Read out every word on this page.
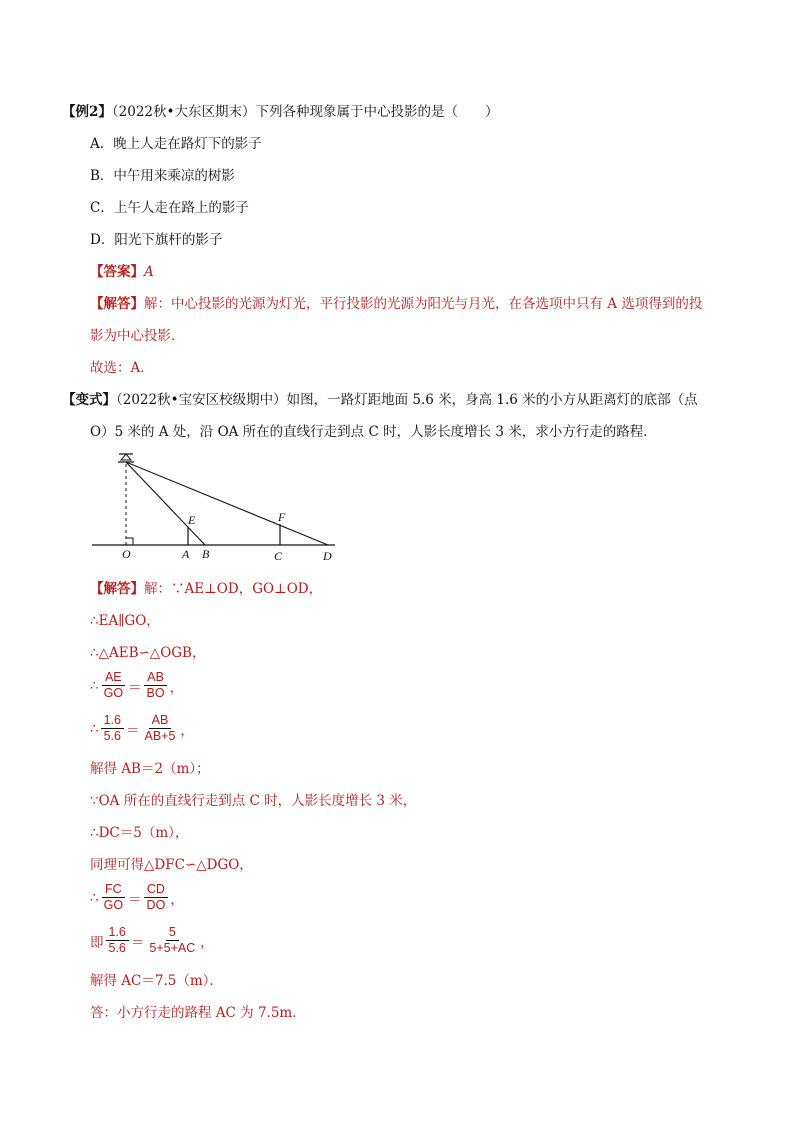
【例2】（2022秋•大东区期末）下列各种现象属于中心投影的是（　　）
A．晚上人走在路灯下的影子
B．中午用来乘凉的树影
C．上午人走在路上的影子
D．阳光下旗杆的影子
【答案】A
【解答】解：中心投影的光源为灯光，平行投影的光源为阳光与月光，在各选项中只有 A 选项得到的投
影为中心投影．
故选：A．
【变式】（2022秋•宝安区校级期中）如图，一路灯距地面 5.6 米，身高 1.6 米的小方从距离灯的底部（点
O）5 米的 A 处，沿 OA 所在的直线行走到点 C 时，人影长度增长 3 米，求小方行走的路程．
O	A B	C	D
E	F
【解答】解：∵AE⊥OD，GO⊥OD，
∴EA∥GO，
∴△AEB∽△OGB，
∴ $\frac{AE}{GO} = \frac{AB}{BO}$ ，
∴ $\frac{1.6}{5.6} = \frac{AB}{AB+5}$ ，
解得 AB＝2（m）；
∵OA 所在的直线行走到点 C 时，人影长度增长 3 米，
∴DC＝5（m），
同理可得△DFC∽△DGO，
∴ $\frac{FC}{GO} = \frac{CD}{DO}$ ，
即 $\frac{1.6}{5.6} = \frac{5}{5+5+AC}$ ，
解得 AC＝7.5（m）．
答：小方行走的路程 AC 为 7.5m．
